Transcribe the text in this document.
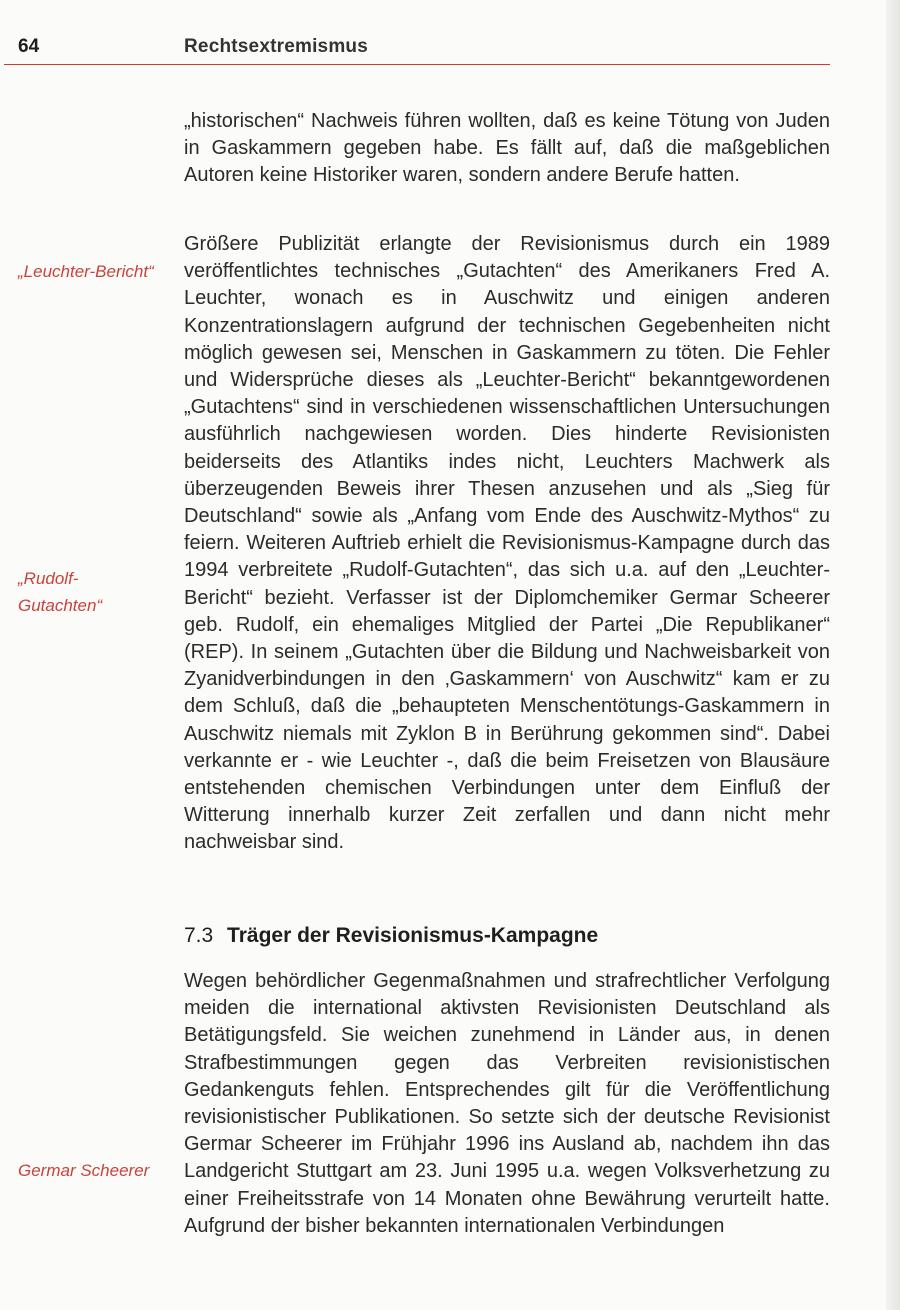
64	Rechtsextremismus

„historischen“ Nachweis führen wollten, daß es keine Tötung von Juden in Gaskammern gegeben habe. Es fällt auf, daß die maßgeblichen Autoren keine Historiker waren, sondern andere Berufe hatten.

„Leuchter-Bericht“

Größere Publizität erlangte der Revisionismus durch ein 1989 veröffentlichtes technisches „Gutachten“ des Amerikaners Fred A. Leuchter, wonach es in Auschwitz und einigen anderen Konzentrationslagern aufgrund der technischen Gegebenheiten nicht möglich gewesen sei, Menschen in Gaskammern zu töten. Die Fehler und Widersprüche dieses als „Leuchter-Bericht“ bekanntgewordenen „Gutachtens“ sind in verschiedenen wissenschaftlichen Untersuchungen ausführlich nachgewiesen worden. Dies hinderte Revisionisten beiderseits des Atlantiks indes nicht, Leuchters Machwerk als überzeugenden Beweis ihrer Thesen anzusehen und als „Sieg für Deutschland“ sowie als „Anfang vom Ende des Auschwitz-Mythos“ zu feiern. Weiteren Auftrieb erhielt die Revisionismus-Kampagne durch das 1994 verbreitete „Rudolf-Gutachten“, das sich u.a. auf den „Leuchter-Bericht“ bezieht. Verfasser ist der Diplomchemiker Germar Scheerer geb. Rudolf, ein ehemaliges Mitglied der Partei „Die Republikaner“ (REP). In seinem „Gutachten über die Bildung und Nachweisbarkeit von Zyanidverbindungen in den ‚Gaskammern‘ von Auschwitz“ kam er zu dem Schluß, daß die „behaupteten Menschentötungs-Gaskammern in Auschwitz niemals mit Zyklon B in Berührung gekommen sind“. Dabei verkannte er - wie Leuchter -, daß die beim Freisetzen von Blausäure entstehenden chemischen Verbindungen unter dem Einfluß der Witterung innerhalb kurzer Zeit zerfallen und dann nicht mehr nachweisbar sind.

„Rudolf-
Gutachten“
7.3 Träger der Revisionismus-Kampagne
Germar Scheerer

Wegen behördlicher Gegenmaßnahmen und strafrechtlicher Verfolgung meiden die international aktivsten Revisionisten Deutschland als Betätigungsfeld. Sie weichen zunehmend in Länder aus, in denen Strafbestimmungen gegen das Verbreiten revisionistischen Gedankenguts fehlen. Entsprechendes gilt für die Veröffentlichung revisionistischer Publikationen. So setzte sich der deutsche Revisionist Germar Scheerer im Frühjahr 1996 ins Ausland ab, nachdem ihn das Landgericht Stuttgart am 23. Juni 1995 u.a. wegen Volksverhetzung zu einer Freiheitsstrafe von 14 Monaten ohne Bewährung verurteilt hatte. Aufgrund der bisher bekannten internationalen Verbindungen
